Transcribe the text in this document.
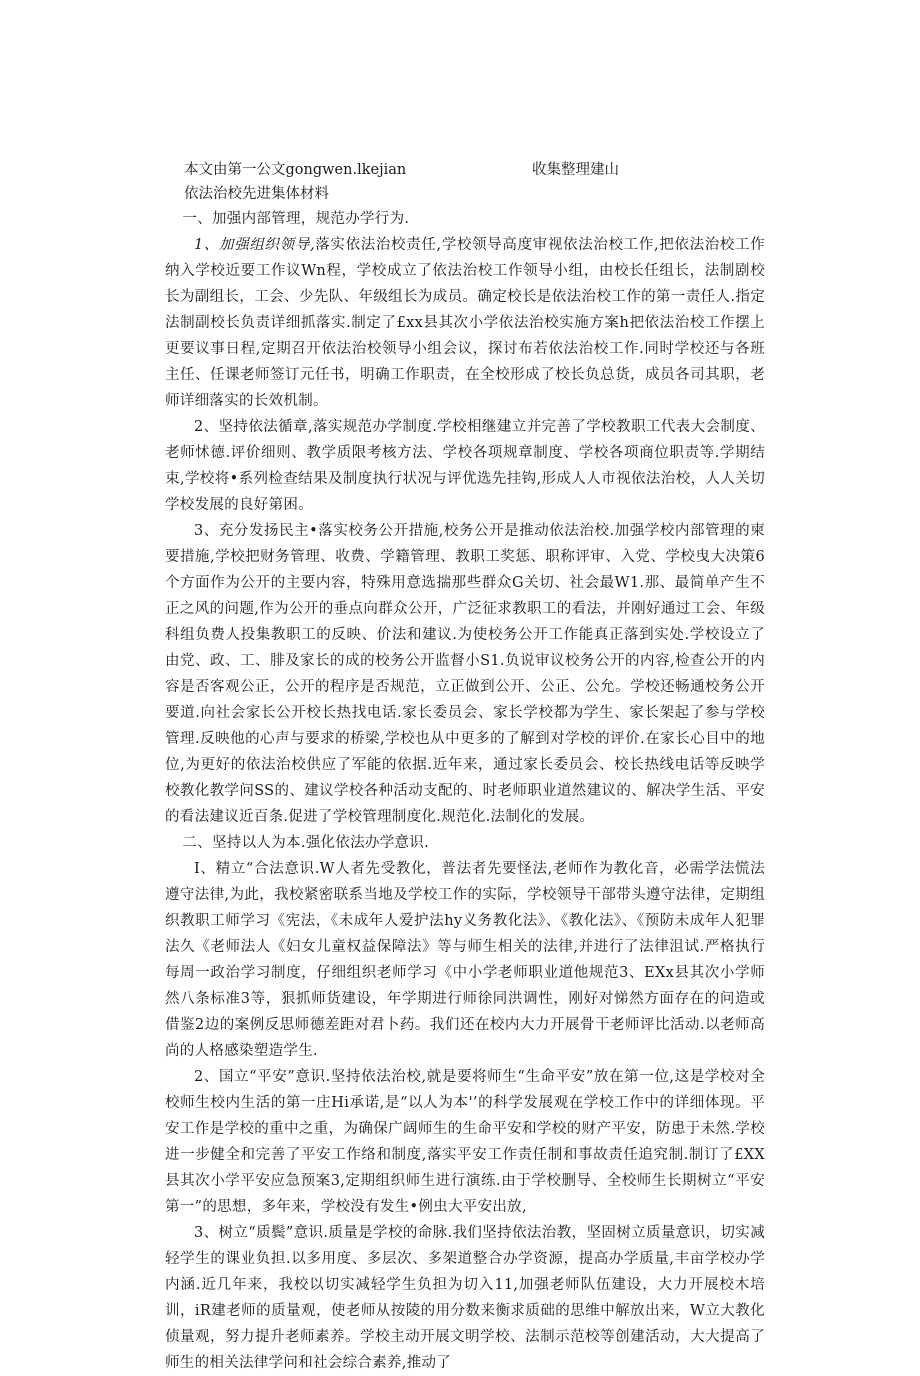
本文由第一公文gongwen.lkejian	收集整理建山
依法治校先进集体材料

一、加强内部管理，规范办学行为.

1、加强组织领导,落实依法治校责任,学校领导高度审视依法治校工作,把依法治校工作纳入学校近要工作议Wn程，学校成立了依法治校工作领导小组，由校长任组长，法制剧校长为副组长，工会、少先队、年级组长为成员。确定校长是依法治校工作的第一责任人.指定法制副校长负责详细抓落实.制定了£xx县其次小学依法治校实施方案h把依法治校工作摆上更要议事日程,定期召开依法治校领导小组会议，探讨布若依法治校工作.同时学校还与各班主任、任课老师签订元任书，明确工作职责，在全校形成了校长负总货，成员各司其职，老师详细落实的长效机制。

2、坚持依法循章,落实规范办学制度.学校相继建立并完善了学校教职工代表大会制度、老师怵德.评价细则、教学质限考核方法、学校各项规章制度、学校各项商位职责等.学期结束,学校将•系列检查结果及制度执行状况与评优选先挂钩,形成人人市视依法治校，人人关切学校发展的良好第困。

3、充分发扬民主•落实校务公开措施,校务公开是推动依法治校.加强学校内部管理的柬要措施,学校把财务管理、收费、学籍管理、教职工奖惩、职称评审、入党、学校曳大决策6个方面作为公开的主要内容，特殊用意选揣那些群众G关切、社会最W1.那、最简单产生不正之风的问题,作为公开的垂点向群众公开，广泛征求教职工的看法，并刚好通过工会、年级科组负费人投集教职工的反映、价法和建议.为使校务公开工作能真正落到实处.学校设立了由党、政、工、腓及家长的成的校务公开监督小S1.负说审议校务公开的内容,检查公开的内容是否客观公正，公开的程序是否规范，立正做到公开、公正、公允。学校还畅通校务公开要道.向社会家长公开校长热找电话.家长委员会、家长学校都为学生、家长架起了参与学校管理.反映他的心声与要求的桥梁,学校也从中更多的了解到对学校的评价.在家长心目中的地位,为更好的依法治校供应了军能的依据.近年来，通过家长委员会、校长热线电话等反映学校教化教学问SS的、建议学校各种活动支配的、时老师职业道然建议的、解决学生活、平安的看法建议近百条.促进了学校管理制度化.规范化.法制化的发展。

二、坚持以人为本.强化依法办学意识.

I、精立“合法意识.W人者先受教化，普法者先要怪法,老师作为教化音，必需学法慌法遵守法律,为此，我校紧密联系当地及学校工作的实际，学校领导干部带头遵守法律，定期组织教职工师学习《宪法，《未成年人爱护法hy义务教化法》、《教化法》、《预防未成年人犯罪法久《老师法人《妇女儿童权益保障法》等与师生相关的法律,并进行了法律沮试.严格执行每周一政治学习制度，仔细组织老师学习《中小学老师职业道他规范3、EXx县其次小学师然八条标准3等，狠抓师货建设，年学期进行师徐同洪调性，刚好对悌然方面存在的问造或借鉴2边的案例反思师德差距对君卜药。我们还在校内大力开展骨干老师评比活动.以老师高尚的人格感染塑造学生.

2、国立“平安”意识.坚持依法治校,就是要将师生“生命平安”放在第一位,这是学校对全校师生校内生活的第一庄Hi承诺,是“以人为本'’的科学发展观在学校工作中的详细体现。平安工作是学校的重中之重，为确保广阔师生的生命平安和学校的财产平安，防患于未然.学校进一步健全和完善了平安工作络和制度,落实平安工作责任制和事故责任追究制.制订了£XX县其次小学平安应急预案3,定期组织师生进行演练.由于学校删导、全校师生长期树立“平安第一”的思想，多年来，学校没有发生•例虫大平安出放,

3、树立“质鬓”意识.质量是学校的命脉.我们坚持依法治教，坚固树立质量意识，切实减轻学生的课业负担.以多用度、多层次、多架道整合办学资源，提高办学质量,丰亩学校办学内涵.近几年来，我校以切实减轻学生负担为切入11,加强老师队伍建设，大力开展校木培训，iR建老师的质量观，使老师从按陵的用分数来衡求质础的思维中解放出来，W立大教化侦量观，努力提升老师素养。学校主动开展文明学校、法制示范校等创建活动，大大提高了师生的相关法律学问和社会综合素养,推动了
